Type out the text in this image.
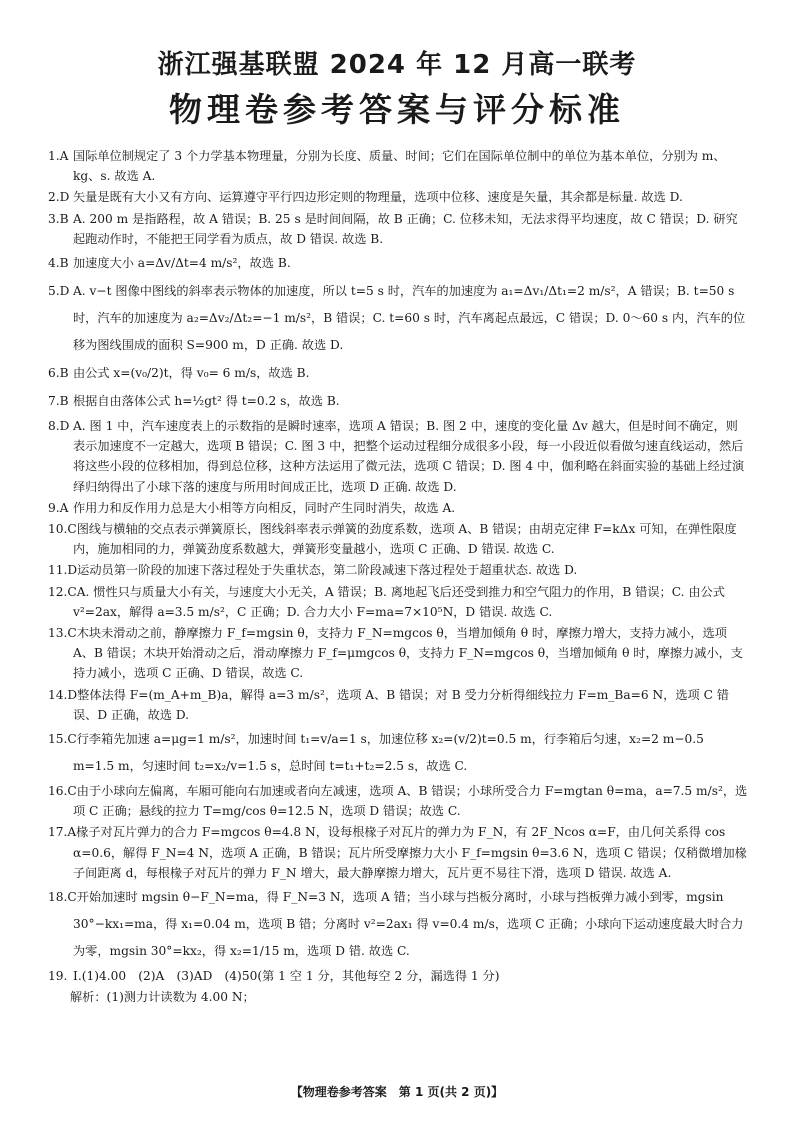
浙江强基联盟 2024 年 12 月高一联考
物理卷参考答案与评分标准
1.A 国际单位制规定了 3 个力学基本物理量，分别为长度、质量、时间；它们在国际单位制中的单位为基本单位，分别为 m、kg、s. 故选 A.
2.D 矢量是既有大小又有方向、运算遵守平行四边形定则的物理量，选项中位移、速度是矢量，其余都是标量. 故选 D.
3.B A. 200 m 是指路程，故 A 错误；B. 25 s 是时间间隔，故 B 正确；C. 位移未知，无法求得平均速度，故 C 错误；D. 研究起跑动作时，不能把王同学看为质点，故 D 错误. 故选 B.
4.B 加速度大小 a=Δv/Δt=4 m/s²，故选 B.
5.D A. v−t 图像中图线的斜率表示物体的加速度，所以 t=5 s 时，汽车的加速度为 a₁=Δv₁/Δt₁=2 m/s²，A 错误；B. t=50 s 时，汽车的加速度为 a₂=Δv₂/Δt₂=−1 m/s²，B 错误；C. t=60 s 时，汽车离起点最远，C 错误；D. 0～60 s 内，汽车的位移为图线围成的面积 S=900 m，D 正确. 故选 D.
6.B 由公式 x=(v₀/2)t，得 v₀= 6 m/s，故选 B.
7.B 根据自由落体公式 h=½gt² 得 t=0.2 s，故选 B.
8.D A. 图 1 中，汽车速度表上的示数指的是瞬时速率，选项 A 错误；B. 图 2 中，速度的变化量 Δv 越大，但是时间不确定，则表示加速度不一定越大，选项 B 错误；C. 图 3 中，把整个运动过程细分成很多小段，每一小段近似看做匀速直线运动，然后将这些小段的位移相加，得到总位移，这种方法运用了微元法，选项 C 错误；D. 图 4 中，伽利略在斜面实验的基础上经过演绎归纳得出了小球下落的速度与所用时间成正比，选项 D 正确. 故选 D.
9.A 作用力和反作用力总是大小相等方向相反，同时产生同时消失，故选 A.
10.C图线与横轴的交点表示弹簧原长，图线斜率表示弹簧的劲度系数，选项 A、B 错误；由胡克定律 F=kΔx 可知，在弹性限度内，施加相同的力，弹簧劲度系数越大，弹簧形变量越小，选项 C 正确、D 错误. 故选 C.
11.D运动员第一阶段的加速下落过程处于失重状态，第二阶段减速下落过程处于超重状态. 故选 D.
12.CA. 惯性只与质量大小有关，与速度大小无关，A 错误；B. 离地起飞后还受到推力和空气阻力的作用，B 错误；C. 由公式 v²=2ax，解得 a=3.5 m/s²，C 正确；D. 合力大小 F=ma=7×10⁵N，D 错误. 故选 C.
13.C木块未滑动之前，静摩擦力 F_f=mgsin θ，支持力 F_N=mgcos θ，当增加倾角 θ 时，摩擦力增大，支持力减小，选项 A、B 错误；木块开始滑动之后，滑动摩擦力 F_f=μmgcos θ，支持力 F_N=mgcos θ，当增加倾角 θ 时，摩擦力减小，支持力减小，选项 C 正确、D 错误，故选 C.
14.D整体法得 F=(m_A+m_B)a，解得 a=3 m/s²，选项 A、B 错误；对 B 受力分析得细线拉力 F=m_Ba=6 N，选项 C 错误、D 正确，故选 D.
15.C行李箱先加速 a=μg=1 m/s²，加速时间 t₁=v/a=1 s，加速位移 x₂=(v/2)t=0.5 m，行李箱后匀速，x₂=2 m−0.5 m=1.5 m，匀速时间 t₂=x₂/v=1.5 s，总时间 t=t₁+t₂=2.5 s，故选 C.
16.C由于小球向左偏离，车厢可能向右加速或者向左减速，选项 A、B 错误；小球所受合力 F=mgtan θ=ma，a=7.5 m/s²，选项 C 正确；悬线的拉力 T=mg/cos θ=12.5 N，选项 D 错误；故选 C.
17.A椽子对瓦片弹力的合力 F=mgcos θ=4.8 N，设每根椽子对瓦片的弹力为 F_N，有 2F_Ncos α=F，由几何关系得 cos α=0.6，解得 F_N=4 N，选项 A 正确，B 错误；瓦片所受摩擦力大小 F_f=mgsin θ=3.6 N，选项 C 错误；仅稍微增加椽子间距离 d，每根椽子对瓦片的弹力 F_N 增大，最大静摩擦力增大，瓦片更不易往下滑，选项 D 错误. 故选 A.
18.C开始加速时 mgsin θ−F_N=ma，得 F_N=3 N，选项 A 错；当小球与挡板分离时，小球与挡板弹力减小到零，mgsin 30°−kx₁=ma，得 x₁=0.04 m，选项 B 错；分离时 v²=2ax₁ 得 v=0.4 m/s，选项 C 正确；小球向下运动速度最大时合力为零，mgsin 30°=kx₂，得 x₂=1/15 m，选项 D 错. 故选 C.
19. Ⅰ.(1)4.00　(2)A　(3)AD　(4)50(第 1 空 1 分，其他每空 2 分，漏选得 1 分)
解析：(1)测力计读数为 4.00 N；
【物理卷参考答案　第 1 页(共 2 页)】
